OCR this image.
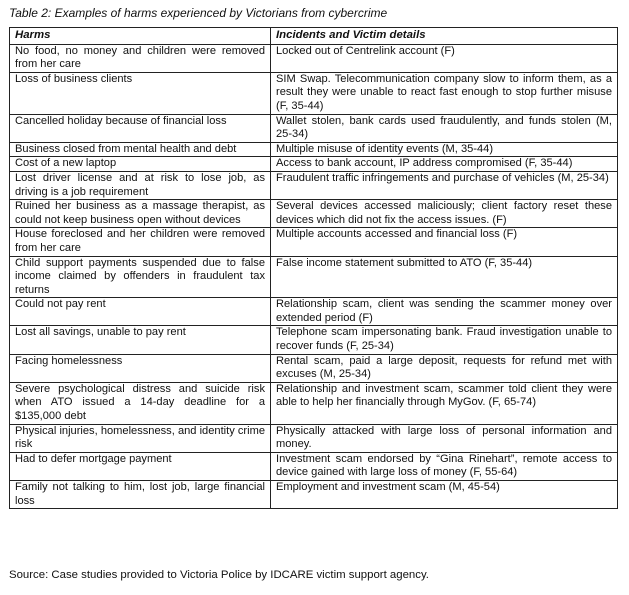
Table 2: Examples of harms experienced by Victorians from cybercrime
Harms	Incidents and Victim details
No food, no money and children were removed from her care	Locked out of Centrelink account (F)
Loss of business clients	SIM Swap. Telecommunication company slow to inform them, as a result they were unable to react fast enough to stop further misuse (F, 35-44)
Cancelled holiday because of financial loss	Wallet stolen, bank cards used fraudulently, and funds stolen (M, 25-34)
Business closed from mental health and debt	Multiple misuse of identity events (M, 35-44)
Cost of a new laptop	Access to bank account, IP address compromised (F, 35-44)
Lost driver license and at risk to lose job, as driving is a job requirement	Fraudulent traffic infringements and purchase of vehicles (M, 25-34)
Ruined her business as a massage therapist, as could not keep business open without devices	Several devices accessed maliciously; client factory reset these devices which did not fix the access issues. (F)
House foreclosed and her children were removed from her care	Multiple accounts accessed and financial loss (F)
Child support payments suspended due to false income claimed by offenders in fraudulent tax returns	False income statement submitted to ATO (F, 35-44)
Could not pay rent	Relationship scam, client was sending the scammer money over extended period (F)
Lost all savings, unable to pay rent	Telephone scam impersonating bank. Fraud investigation unable to recover funds (F, 25-34)
Facing homelessness	Rental scam, paid a large deposit, requests for refund met with excuses (M, 25-34)
Severe psychological distress and suicide risk when ATO issued a 14-day deadline for a $135,000 debt	Relationship and investment scam, scammer told client they were able to help her financially through MyGov. (F, 65-74)
Physical injuries, homelessness, and identity crime risk	Physically attacked with large loss of personal information and money.
Had to defer mortgage payment	Investment scam endorsed by “Gina Rinehart”, remote access to device gained with large loss of money (F, 55-64)
Family not talking to him, lost job, large financial loss	Employment and investment scam (M, 45-54)
Source: Case studies provided to Victoria Police by IDCARE victim support agency.
